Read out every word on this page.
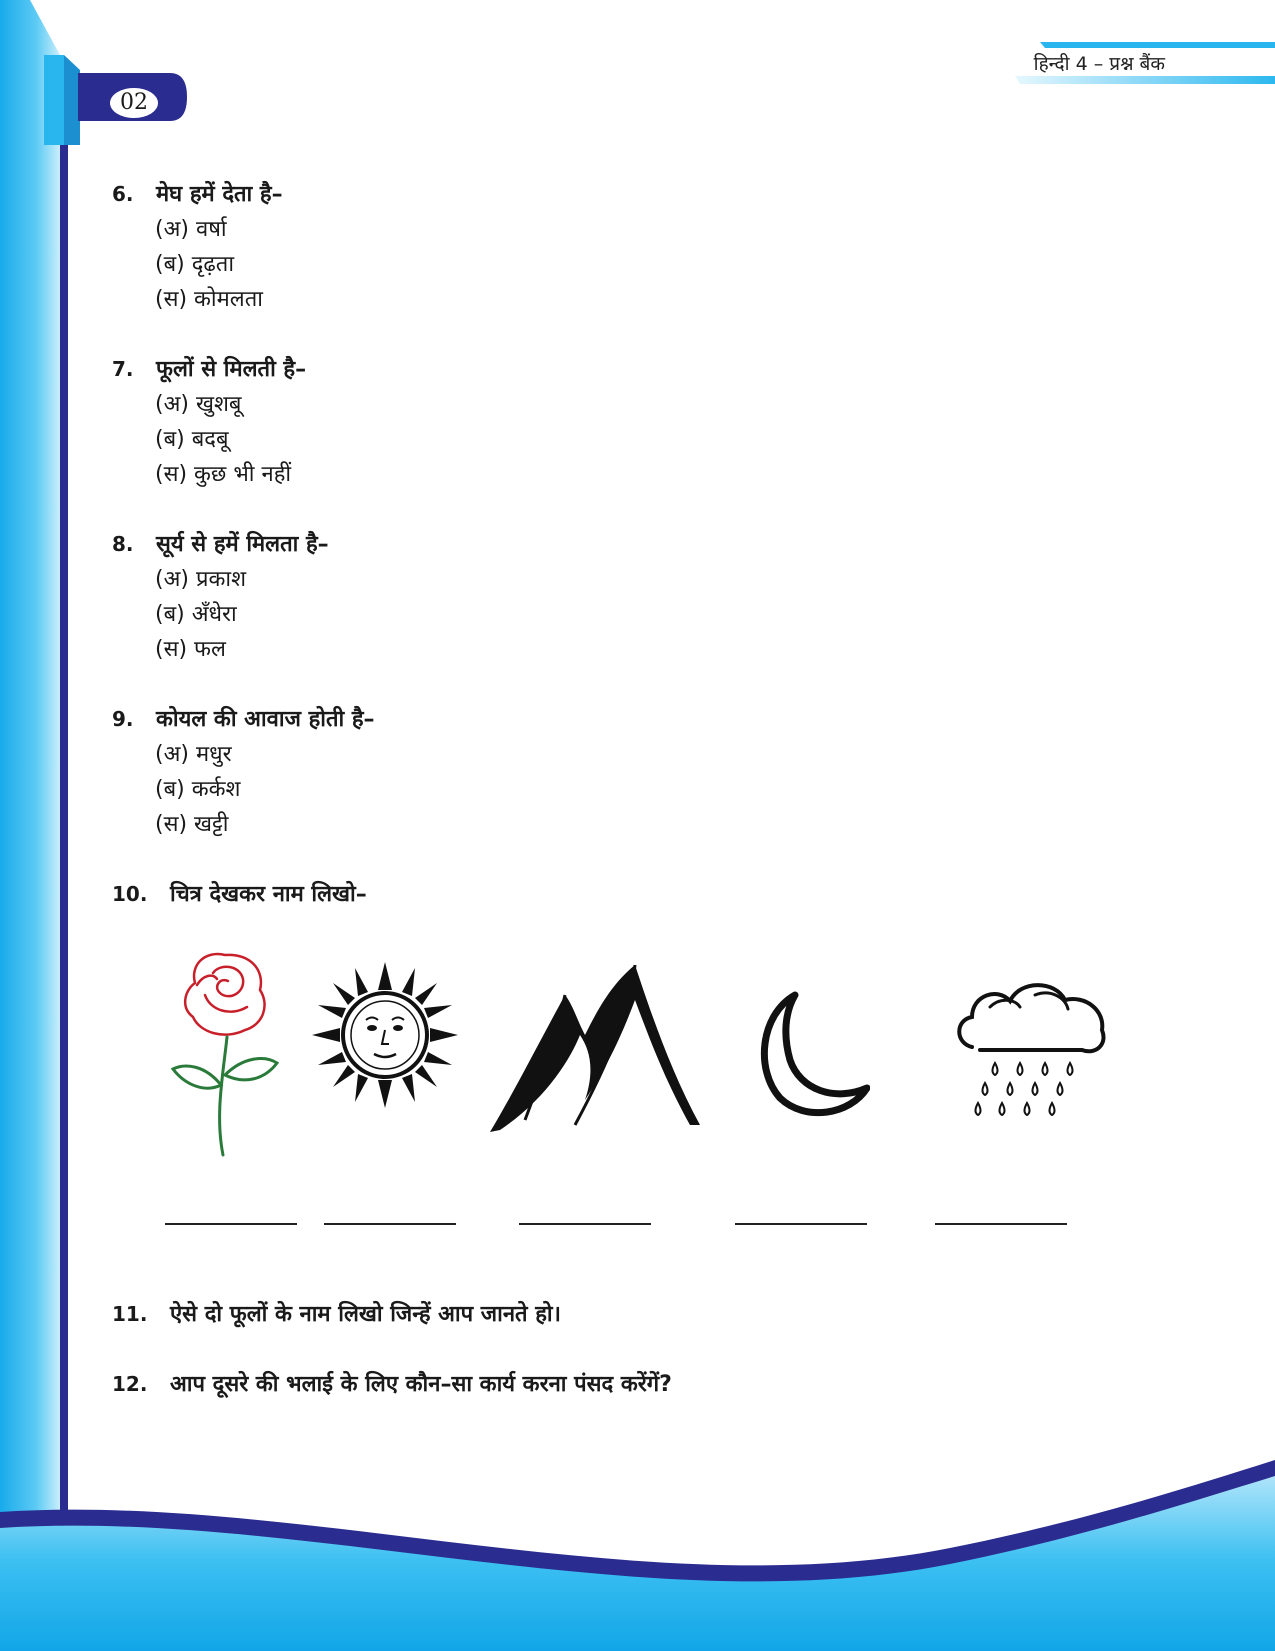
हिन्दी 4 – प्रश्न बैंक
02
6. मेघ हमें देता है–
(अ) वर्षा
(ब) दृढ़ता
(स) कोमलता
7. फूलों से मिलती है–
(अ) खुशबू
(ब) बदबू
(स) कुछ भी नहीं
8. सूर्य से हमें मिलता है–
(अ) प्रकाश
(ब) अँधेरा
(स) फल
9. कोयल की आवाज होती है–
(अ) मधुर
(ब) कर्कश
(स) खट्टी
10. चित्र देखकर नाम लिखो–
11. ऐसे दो फूलों के नाम लिखो जिन्हें आप जानते हो।
12. आप दूसरे की भलाई के लिए कौन–सा कार्य करना पंसद करेंगें?
